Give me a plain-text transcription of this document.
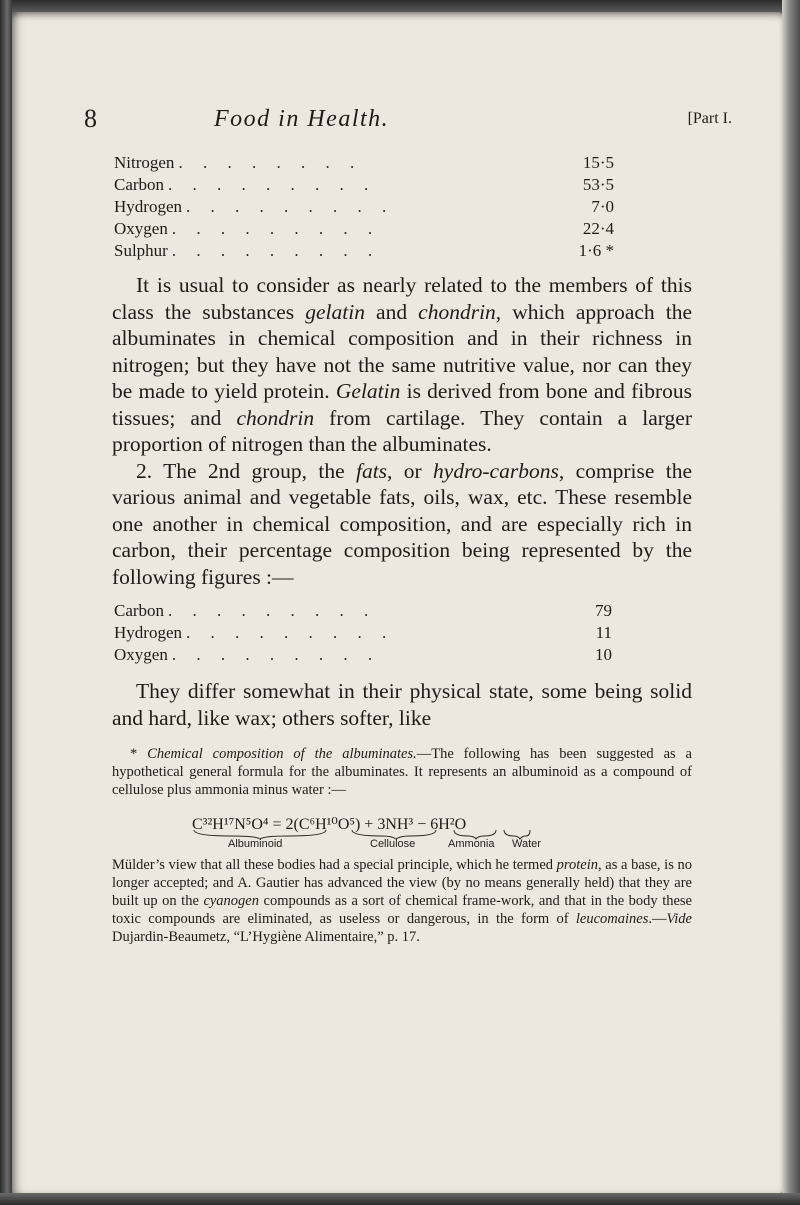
8	Food in Health.	[Part I.
Nitrogen . . . . . . . .	15·5
Carbon . . . . . . . . .	53·5
Hydrogen . . . . . . . . .	7·0
Oxygen . . . . . . . . .	22·4
Sulphur . . . . . . . . .	1·6 *

It is usual to consider as nearly related to the members of this class the substances gelatin and chondrin, which approach the albuminates in chemical composition and in their richness in nitrogen; but they have not the same nutritive value, nor can they be made to yield protein. Gelatin is derived from bone and fibrous tissues; and chondrin from cartilage. They contain a larger proportion of nitrogen than the albuminates.

2. The 2nd group, the fats, or hydro-carbons, comprise the various animal and vegetable fats, oils, wax, etc. These resemble one another in chemical composition, and are especially rich in carbon, their percentage composition being represented by the following figures :—

Carbon . . . . . . . . .	79
Hydrogen . . . . . . . . .	11
Oxygen . . . . . . . . .	10

They differ somewhat in their physical state, some being solid and hard, like wax; others softer, like

* Chemical composition of the albuminates.—The following has been suggested as a hypothetical general formula for the albuminates. It represents an albuminoid as a compound of cellulose plus ammonia minus water :—

C³²H¹⁷N⁵O⁴ = 2(C⁶H¹⁰O⁵) + 3NH³ − 6H²O
Albuminoid	Cellulose	Ammonia Water

Mülder’s view that all these bodies had a special principle, which he termed protein, as a base, is no longer accepted; and A. Gautier has advanced the view (by no means generally held) that they are built up on the cyanogen compounds as a sort of chemical frame-work, and that in the body these toxic compounds are eliminated, as useless or dangerous, in the form of leucomaines.—Vide Dujardin-Beaumetz, “L’Hygiène Alimentaire,” p. 17.
